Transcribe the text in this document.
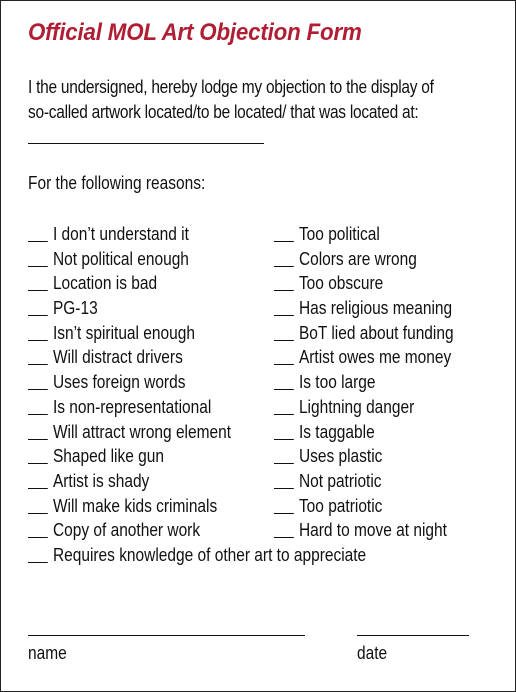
Official MOL Art Objection Form
I the undersigned, hereby lodge my objection to the display of
so-called artwork located/to be located/ that was located at:
For the following reasons:
I don’t understand it
Not political enough
Location is bad
PG-13
Isn’t spiritual enough
Will distract drivers
Uses foreign words
Is non-representational
Will attract wrong element
Shaped like gun
Artist is shady
Will make kids criminals
Copy of another work
Too political
Colors are wrong
Too obscure
Has religious meaning
BoT lied about funding
Artist owes me money
Is too large
Lightning danger
Is taggable
Uses plastic
Not patriotic
Too patriotic
Hard to move at night
Requires knowledge of other art to appreciate
name	date
